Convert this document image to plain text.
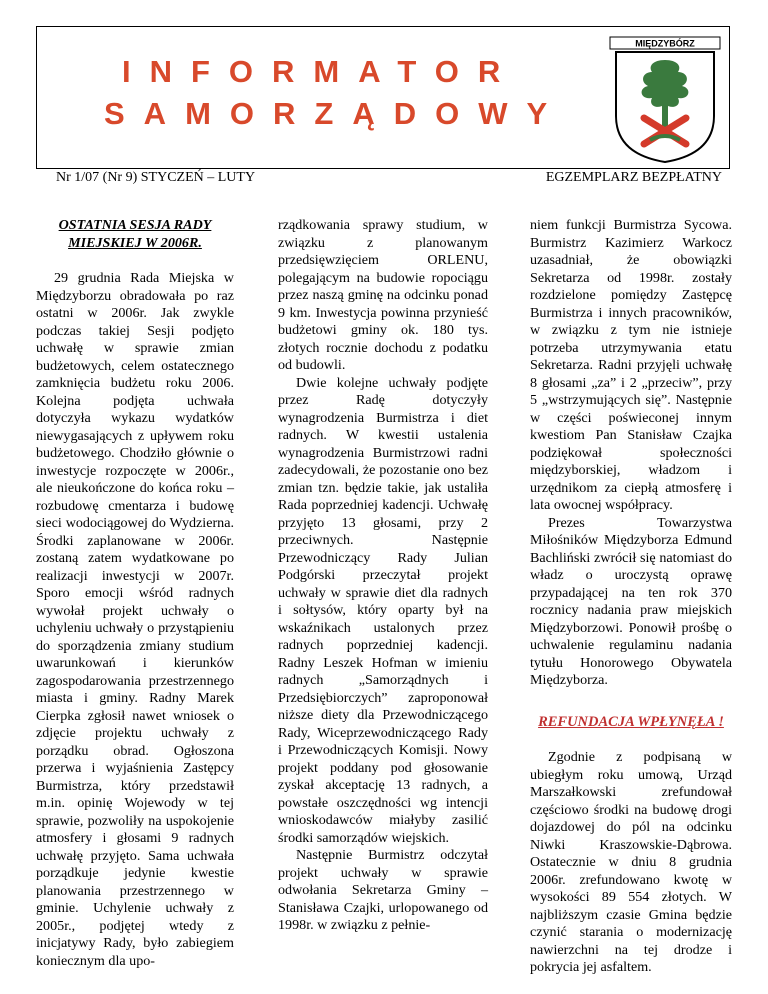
INFORMATOR
SAMORZĄDOWY
MIĘDZYBÓRZ
Nr 1/07 (Nr 9) STYCZEŃ – LUTY	EGZEMPLARZ BEZPŁATNY

OSTATNIA SESJA RADY MIEJSKIEJ W 2006R.

29 grudnia Rada Miejska w Międzyborzu obradowała po raz ostatni w 2006r. Jak zwykle podczas takiej Sesji podjęto uchwałę w sprawie zmian budżetowych, celem ostatecznego zamknięcia budżetu roku 2006. Kolejna podjęta uchwała dotyczyła wykazu wydatków niewygasających z upływem roku budżetowego. Chodziło głównie o inwestycje rozpoczęte w 2006r., ale nieukończone do końca roku – rozbudowę cmentarza i budowę sieci wodociągowej do Wydzierna. Środki zaplanowane w 2006r. zostaną zatem wydatkowane po realizacji inwestycji w 2007r. Sporo emocji wśród radnych wywołał projekt uchwały o uchyleniu uchwały o przystąpieniu do sporządzenia zmiany studium uwarunkowań i kierunków zagospodarowania przestrzennego miasta i gminy. Radny Marek Cierpka zgłosił nawet wniosek o zdjęcie projektu uchwały z porządku obrad. Ogłoszona przerwa i wyjaśnienia Zastępcy Burmistrza, który przedstawił m.in. opinię Wojewody w tej sprawie, pozwoliły na uspokojenie atmosfery i głosami 9 radnych uchwałę przyjęto. Sama uchwała porządkuje jedynie kwestie planowania przestrzennego w gminie. Uchylenie uchwały z 2005r., podjętej wtedy z inicjatywy Rady, było zabiegiem koniecznym dla upo-

rządkowania sprawy studium, w związku z planowanym przedsięwzięciem ORLENU, polegającym na budowie ropociągu przez naszą gminę na odcinku ponad 9 km. Inwestycja powinna przynieść budżetowi gminy ok. 180 tys. złotych rocznie dochodu z podatku od budowli.

Dwie kolejne uchwały podjęte przez Radę dotyczyły wynagrodzenia Burmistrza i diet radnych. W kwestii ustalenia wynagrodzenia Burmistrzowi radni zadecydowali, że pozostanie ono bez zmian tzn. będzie takie, jak ustaliła Rada poprzedniej kadencji. Uchwałę przyjęto 13 głosami, przy 2 przeciwnych. Następnie Przewodniczący Rady Julian Podgórski przeczytał projekt uchwały w sprawie diet dla radnych i sołtysów, który oparty był na wskaźnikach ustalonych przez radnych poprzedniej kadencji. Radny Leszek Hofman w imieniu radnych „Samorządnych i Przedsiębiorczych” zaproponował niższe diety dla Przewodniczącego Rady, Wiceprzewodniczącego Rady i Przewodniczących Komisji. Nowy projekt poddany pod głosowanie zyskał akceptację 13 radnych, a powstałe oszczędności wg intencji wnioskodawców miałyby zasilić środki samorządów wiejskich.

Następnie Burmistrz odczytał projekt uchwały w sprawie odwołania Sekretarza Gminy – Stanisława Czajki, urlopowanego od 1998r. w związku z pełnie-

niem funkcji Burmistrza Sycowa. Burmistrz Kazimierz Warkocz uzasadniał, że obowiązki Sekretarza od 1998r. zostały rozdzielone pomiędzy Zastępcę Burmistrza i innych pracowników, w związku z tym nie istnieje potrzeba utrzymywania etatu Sekretarza. Radni przyjęli uchwałę 8 głosami „za” i 2 „przeciw”, przy 5 „wstrzymujących się”. Następnie w części poświeconej innym kwestiom Pan Stanisław Czajka podziękował społeczności międzyborskiej, władzom i urzędnikom za ciepłą atmosferę i lata owocnej współpracy.

Prezes Towarzystwa Miłośników Międzyborza Edmund Bachliński zwrócił się natomiast do władz o uroczystą oprawę przypadającej na ten rok 370 rocznicy nadania praw miejskich Międzyborzowi. Ponowił prośbę o uchwalenie regulaminu nadania tytułu Honorowego Obywatela Międzyborza.

REFUNDACJA WPŁYNĘŁA !

Zgodnie z podpisaną w ubiegłym roku umową, Urząd Marszałkowski zrefundował częściowo środki na budowę drogi dojazdowej do pól na odcinku Niwki Kraszowskie-Dąbrowa. Ostatecznie w dniu 8 grudnia 2006r. zrefundowano kwotę w wysokości 89 554 złotych. W najbliższym czasie Gmina będzie czynić starania o modernizację nawierzchni na tej drodze i pokrycia jej asfaltem.
